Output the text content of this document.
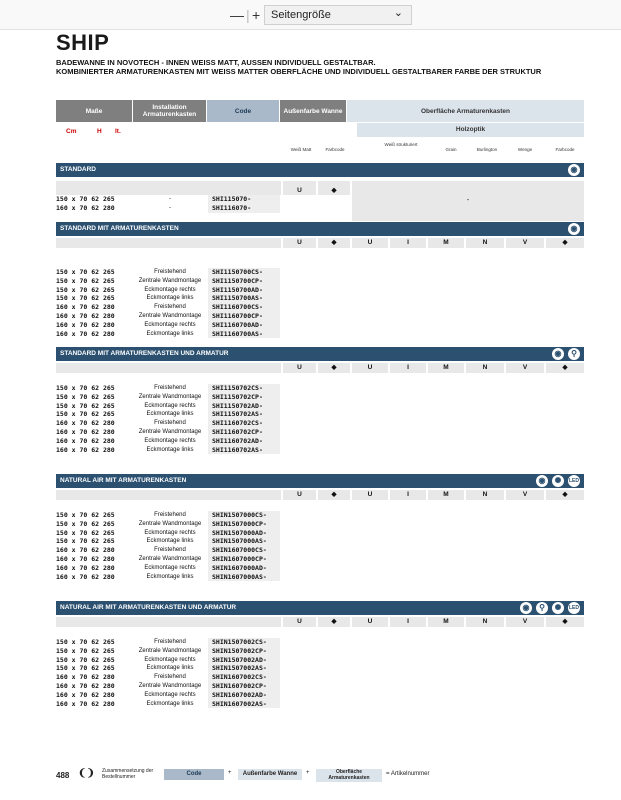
— | + Seitengröße	⌄
SHIP
BADEWANNE IN NOVOTECH - INNEN WEISS MATT, AUSSEN INDIVIDUELL GESTALTBAR.
KOMBINIERTER ARMATURENKASTEN MIT WEISS MATTER OBERFLÄCHE UND INDIVIDUELL GESTALTBARER FARBE DER STRUKTUR
Maße	Installation Armaturenkasten	Code	Außenfarbe Wanne	Oberfläche Armaturenkasten
Holzoptik
Cm	H lt.
Weiß Matt	Farbcode
Weiß strukturiert
Grain	Burlington	Wenge	Farbcode
STANDARD	◉
U	◆
-
150 x 70 62 265	-	SHI115070-
160 x 70 62 280	-	SHI116070-
STANDARD MIT ARMATURENKASTEN	◉
U	◆	U	I	M	N	V	◆
150 x 70 62 265	Freistehend	SHI1150700CS-
150 x 70 62 265	Zentrale Wandmontage	SHI1150700CP-
150 x 70 62 265	Eckmontage rechts	SHI1150700AD-
150 x 70 62 265	Eckmontage links	SHI1150700AS-
160 x 70 62 280	Freistehend	SHI1160700CS-
160 x 70 62 280	Zentrale Wandmontage	SHI1160700CP-
160 x 70 62 280	Eckmontage rechts	SHI1160700AD-
160 x 70 62 280	Eckmontage links	SHI1160700AS-
STANDARD MIT ARMATURENKASTEN UND ARMATUR	◉	⚲
U	◆	U	I	M	N	V	◆
150 x 70 62 265	Freistehend	SHI1150702CS-
150 x 70 62 265	Zentrale Wandmontage	SHI1150702CP-
150 x 70 62 265	Eckmontage rechts	SHI1150702AD-
150 x 70 62 265	Eckmontage links	SHI1150702AS-
160 x 70 62 280	Freistehend	SHI1160702CS-
160 x 70 62 280	Zentrale Wandmontage	SHI1160702CP-
160 x 70 62 280	Eckmontage rechts	SHI1160702AD-
160 x 70 62 280	Eckmontage links	SHI1160702AS-
NATURAL AIR MIT ARMATURENKASTEN	◉	✺	LED
U	◆	U	I	M	N	V	◆
150 x 70 62 265	Freistehend	SHIN1507000CS-
150 x 70 62 265	Zentrale Wandmontage	SHIN1507000CP-
150 x 70 62 265	Eckmontage rechts	SHIN1507000AD-
150 x 70 62 265	Eckmontage links	SHIN1507000AS-
160 x 70 62 280	Freistehend	SHIN1607000CS-
160 x 70 62 280	Zentrale Wandmontage	SHIN1607000CP-
160 x 70 62 280	Eckmontage rechts	SHIN1607000AD-
160 x 70 62 280	Eckmontage links	SHIN1607000AS-
NATURAL AIR MIT ARMATURENKASTEN UND ARMATUR	◉	⚲	✺	LED
U	◆	U	I	M	N	V	◆
150 x 70 62 265	Freistehend	SHIN1507002CS-
150 x 70 62 265	Zentrale Wandmontage	SHIN1507002CP-
150 x 70 62 265	Eckmontage rechts	SHIN1507002AD-
150 x 70 62 265	Eckmontage links	SHIN1507002AS-
160 x 70 62 280	Freistehend	SHIN1607002CS-
160 x 70 62 280	Zentrale Wandmontage	SHIN1607002CP-
160 x 70 62 280	Eckmontage rechts	SHIN1607002AD-
160 x 70 62 280	Eckmontage links	SHIN1607002AS-
488 ❨❩ Zusammensetzung der Bestellnummer	Code	+	Außenfarbe Wanne	+	Oberfläche Armaturenkasten
= Artikelnummer
